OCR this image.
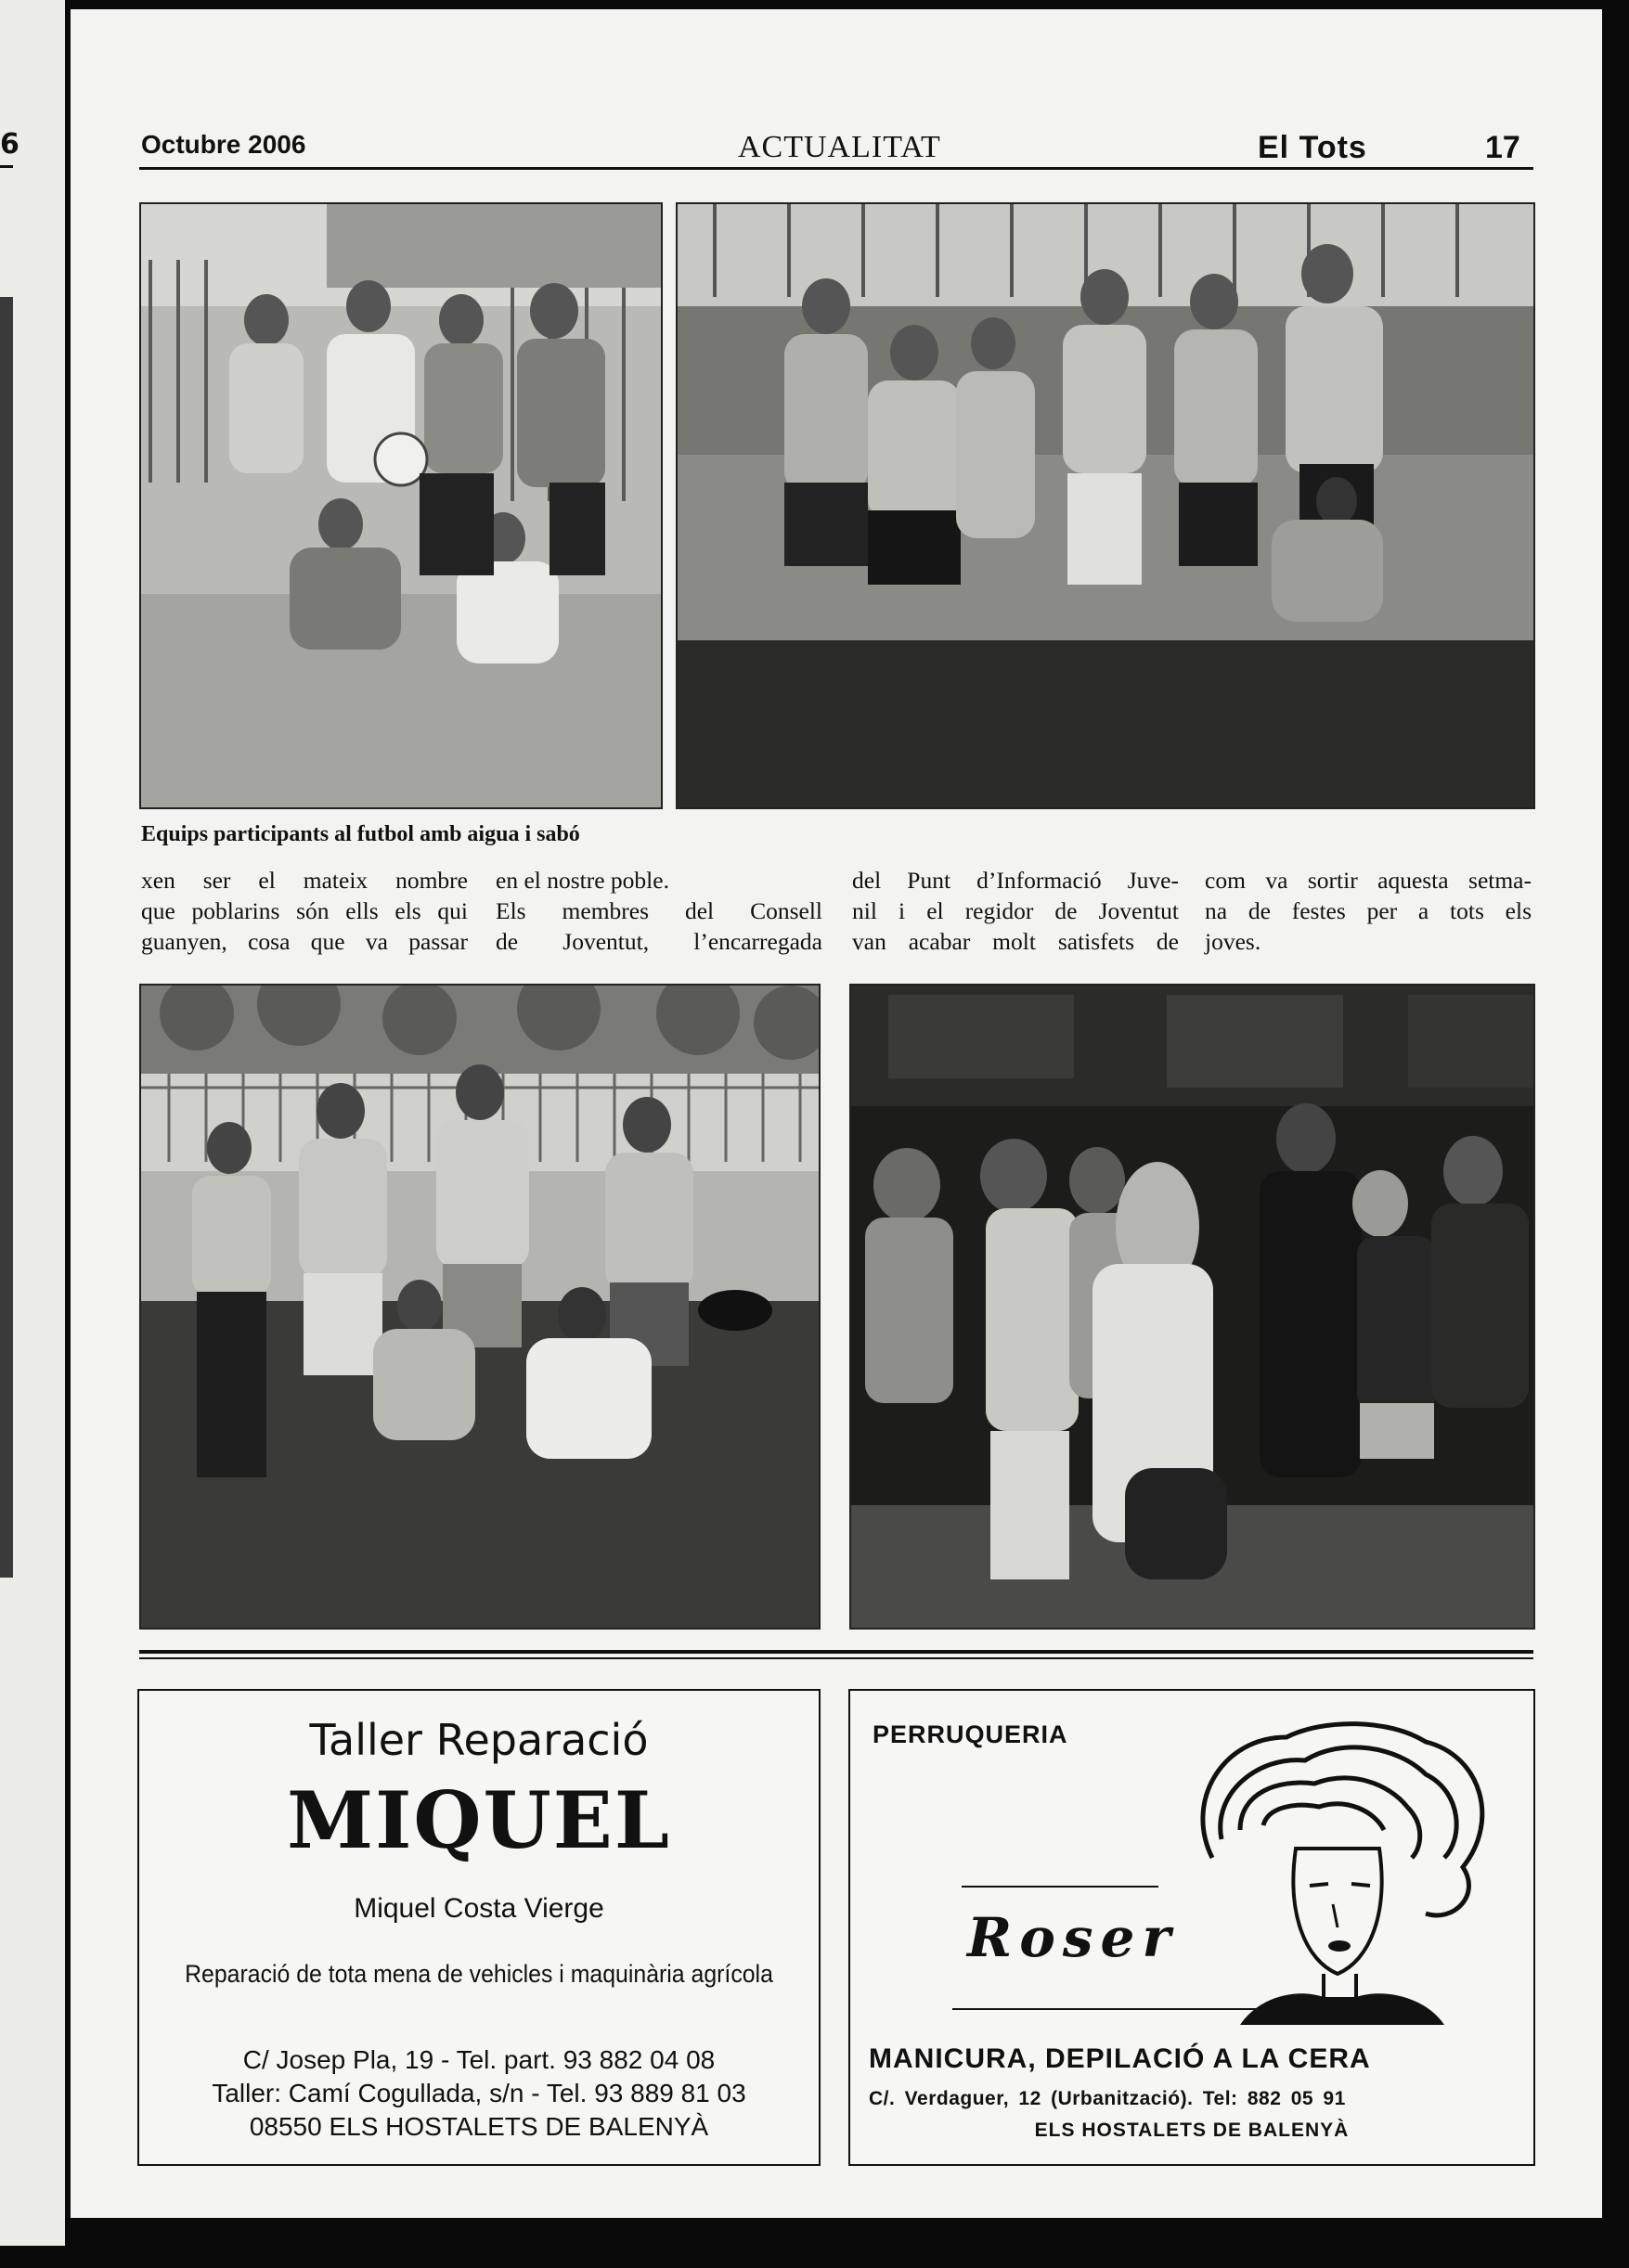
6	Octubre 2006	ACTUALITAT	El Tots	17
Equips participants al futbol amb aigua i sabó
xen ser el mateix nombre
que poblarins són ells els qui
guanyen, cosa que va passar
en el nostre poble.
Els membres del Consell
de Joventut, l’encarregada
del Punt d’Informació Juve-
nil i el regidor de Joventut
van acabar molt satisfets de
com va sortir aquesta setma-
na de festes per a tots els
joves.
Taller Reparació
MIQUEL
Miquel Costa Vierge
Reparació de tota mena de vehicles i maquinària agrícola
C/ Josep Pla, 19 - Tel. part. 93 882 04 08
Taller: Camí Cogullada, s/n - Tel. 93 889 81 03
08550 ELS HOSTALETS DE BALENYÀ
PERRUQUERIA
Roser
MANICURA, DEPILACIÓ A LA CERA
C/. Verdaguer, 12 (Urbanització). Tel: 882 05 91
ELS HOSTALETS DE BALENYÀ
